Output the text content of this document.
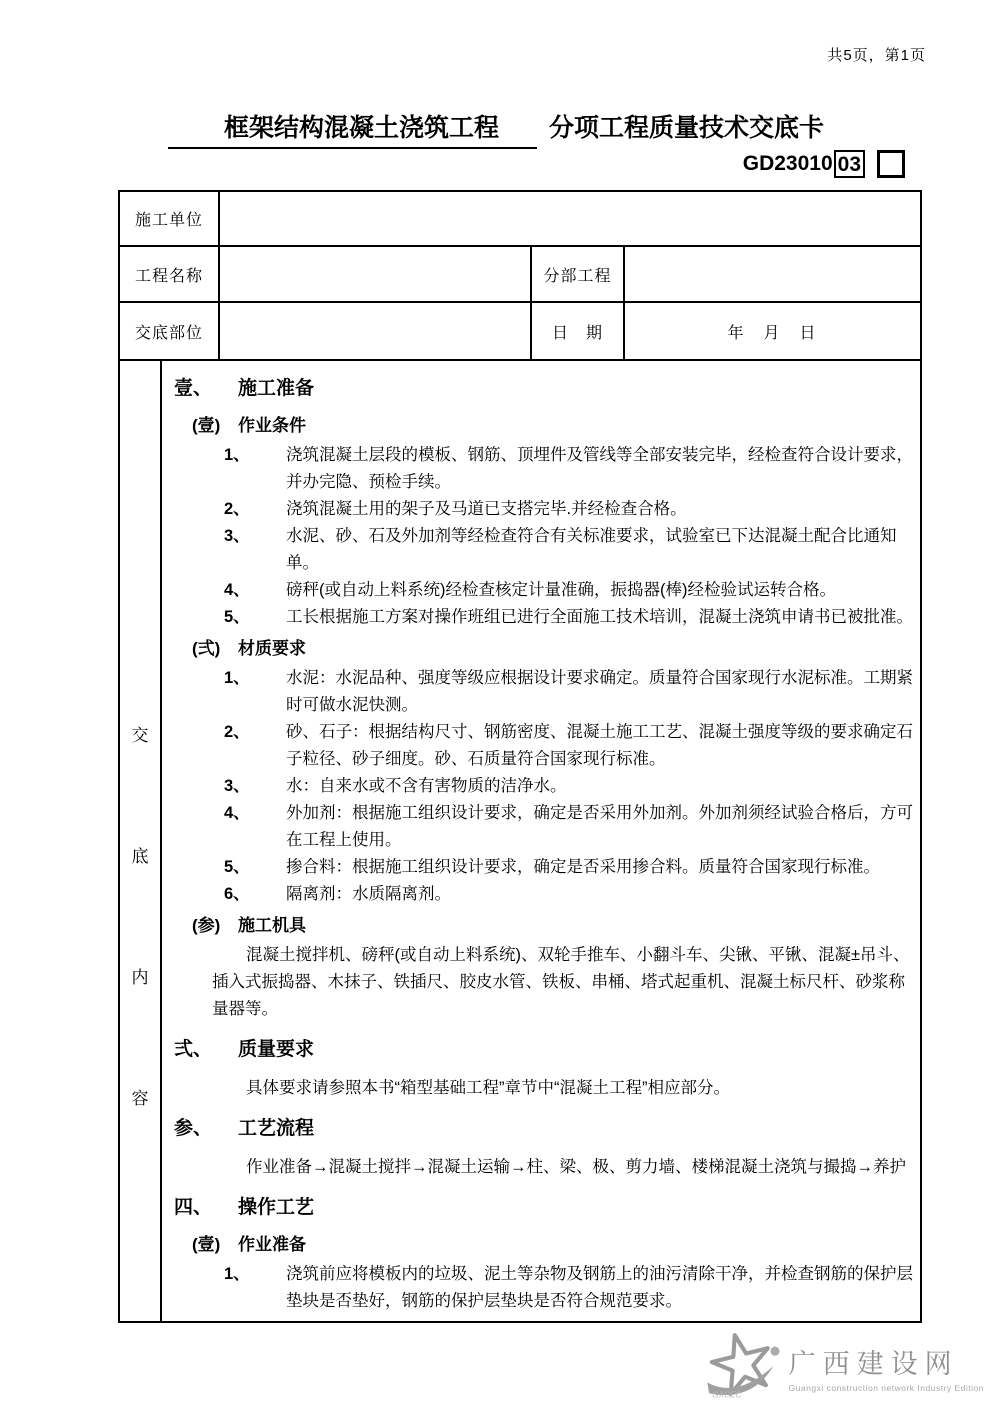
共5页，第1页
框架结构混凝土浇筑工程 分项工程质量技术交底卡
GD23010 03
施工单位				
工程名称			分部工程	
交底部位			日　期	年　月　日

交
底
内
容

壹、	施工准备
(壹)	作业条件
1、	浇筑混凝土层段的模板、钢筋、顶埋件及管线等全部安装完毕，经检查符合设计要求，并办完隐、预检手续。
2、	浇筑混凝土用的架子及马道已支搭完毕.并经检查合格。
3、	水泥、砂、石及外加剂等经检查符合有关标准要求，试验室已下达混凝土配合比通知单。
4、	磅秤(或自动上料系统)经检查核定计量准确，振捣器(棒)经检验试运转合格。
5、	工长根据施工方案对操作班组已进行全面施工技术培训，混凝土浇筑申请书已被批准。
(弍)	材质要求
1、	水泥：水泥品种、强度等级应根据设计要求确定。质量符合国家现行水泥标准。工期紧时可做水泥快测。
2、	砂、石子：根据结构尺寸、钢筋密度、混凝土施工工艺、混凝土强度等级的要求确定石子粒径、砂子细度。砂、石质量符合国家现行标准。
3、	水：自来水或不含有害物质的洁净水。
4、	外加剂：根据施工组织设计要求，确定是否采用外加剂。外加剂须经试验合格后，方可在工程上使用。
5、	掺合料：根据施工组织设计要求，确定是否采用掺合料。质量符合国家现行标准。
6、	隔离剂：水质隔离剂。
(参)	施工机具
混凝土搅拌机、磅秤(或自动上料系统)、双轮手推车、小翻斗车、尖锹、平锹、混凝±吊斗、插入式振捣器、木抹子、铁插尺、胶皮水管、铁板、串桶、塔式起重机、混凝土标尺杆、砂浆称量器等。
弍、	质量要求
具体要求请参照本书“箱型基础工程”章节中“混凝土工程”相应部分。
参、	工艺流程
作业准备→混凝土搅拌→混凝土运输→柱、梁、极、剪力墙、楼梯混凝土浇筑与撮捣→养护
四、	操作工艺
(壹)	作业准备
1、	浇筑前应将模板内的垃圾、泥土等杂物及钢筋上的油污清除干净，并检查钢筋的保护层垫块是否垫好，钢筋的保护层垫块是否符合规范要求。
GXCEC
广西建设网
Guangxi construction network Industry Edition
